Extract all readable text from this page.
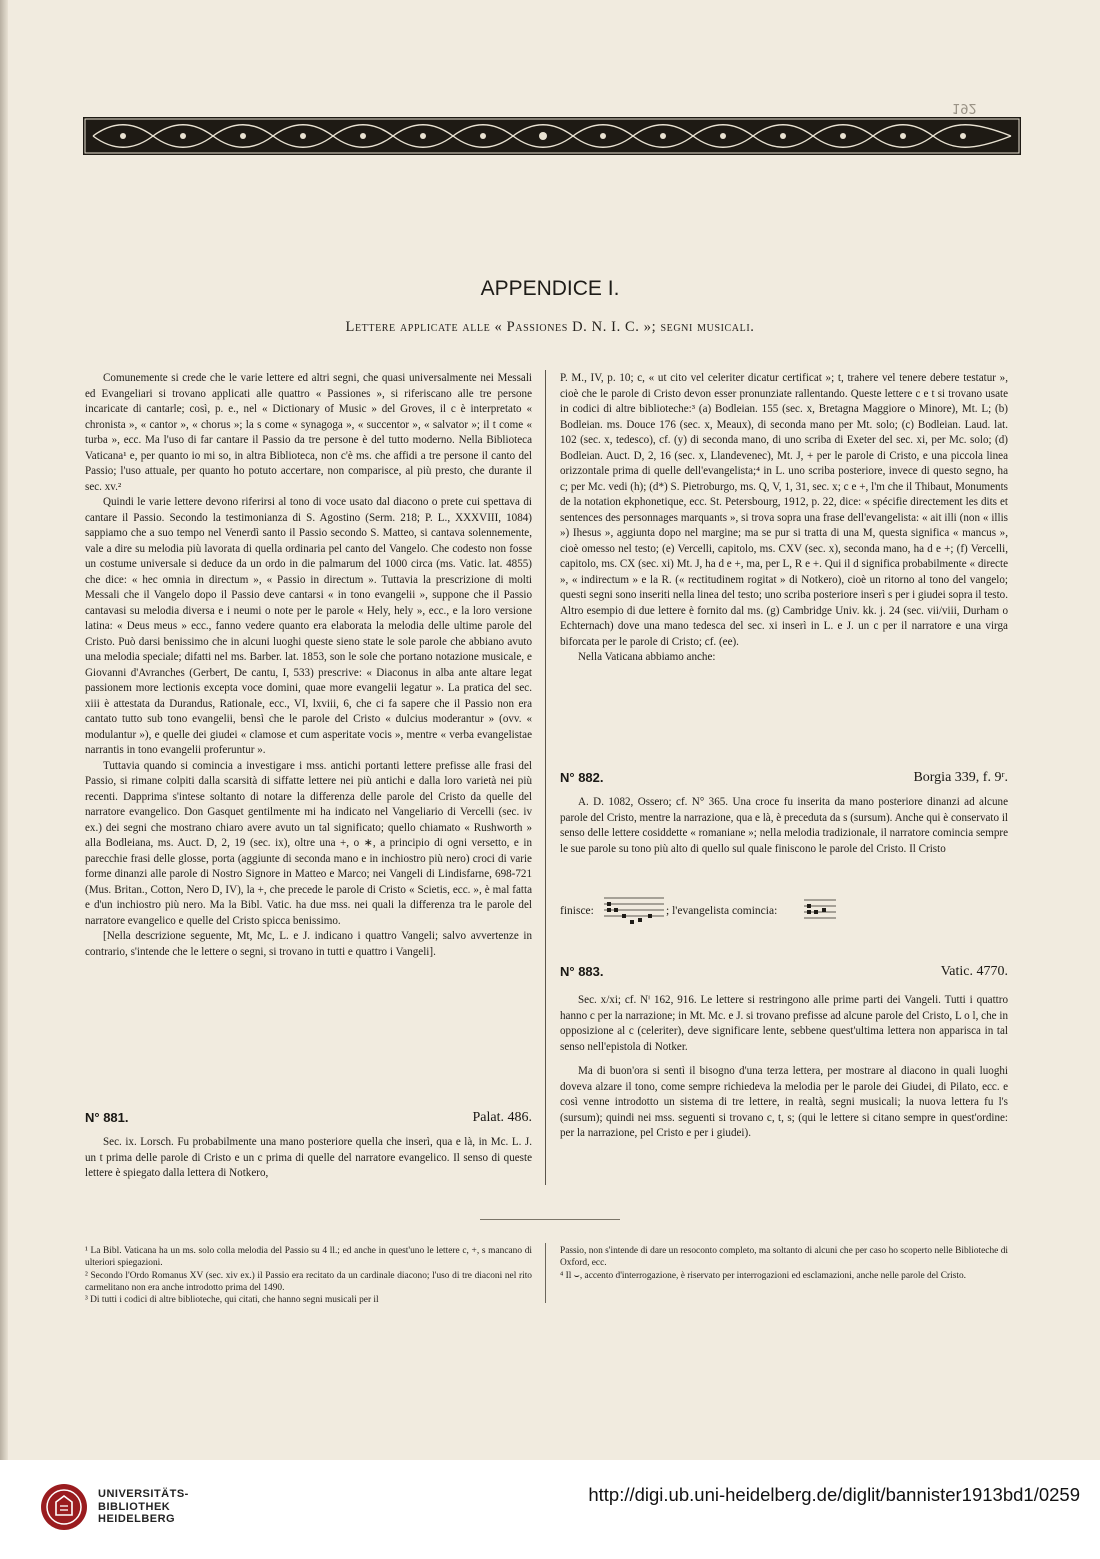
192
APPENDICE I.
Lettere applicate alle « Passiones D. N. I. C. »; segni musicali.

Comunemente si crede che le varie lettere ed altri segni, che quasi universalmente nei Messali ed Evangeliari si trovano applicati alle quattro « Passiones », si riferiscano alle tre persone incaricate di cantarle; così, p. e., nel « Dictionary of Music » del Groves, il c è interpretato « chronista », « cantor », « chorus »; la s come « synagoga », « succentor », « salvator »; il t come « turba », ecc. Ma l'uso di far cantare il Passio da tre persone è del tutto moderno. Nella Biblioteca Vaticana¹ e, per quanto io mi so, in altra Biblioteca, non c'è ms. che affidi a tre persone il canto del Passio; l'uso attuale, per quanto ho potuto accertare, non comparisce, al più presto, che durante il sec. xv.²

Quindi le varie lettere devono riferirsi al tono di voce usato dal diacono o prete cui spettava di cantare il Passio. Secondo la testimonianza di S. Agostino (Serm. 218; P. L., XXXVIII, 1084) sappiamo che a suo tempo nel Venerdì santo il Passio secondo S. Matteo, si cantava solennemente, vale a dire su melodia più lavorata di quella ordinaria pel canto del Vangelo. Che codesto non fosse un costume universale si deduce da un ordo in die palmarum del 1000 circa (ms. Vatic. lat. 4855) che dice: « hec omnia in directum », « Passio in directum ». Tuttavia la prescrizione di molti Messali che il Vangelo dopo il Passio deve cantarsi « in tono evangelii », suppone che il Passio cantavasi su melodia diversa e i neumi o note per le parole « Hely, hely », ecc., e la loro versione latina: « Deus meus » ecc., fanno vedere quanto era elaborata la melodia delle ultime parole del Cristo. Può darsi benissimo che in alcuni luoghi queste sieno state le sole parole che abbiano avuto una melodia speciale; difatti nel ms. Barber. lat. 1853, son le sole che portano notazione musicale, e Giovanni d'Avranches (Gerbert, De cantu, I, 533) prescrive: « Diaconus in alba ante altare legat passionem more lectionis excepta voce domini, quae more evangelii legatur ». La pratica del sec. xiii è attestata da Durandus, Rationale, ecc., VI, lxviii, 6, che ci fa sapere che il Passio non era cantato tutto sub tono evangelii, bensì che le parole del Cristo « dulcius moderantur » (ovv. « modulantur »), e quelle dei giudei « clamose et cum asperitate vocis », mentre « verba evangelistae narrantis in tono evangelii proferuntur ».

Tuttavia quando si comincia a investigare i mss. antichi portanti lettere prefisse alle frasi del Passio, si rimane colpiti dalla scarsità di siffatte lettere nei più antichi e dalla loro varietà nei più recenti. Dapprima s'intese soltanto di notare la differenza delle parole del Cristo da quelle del narratore evangelico. Don Gasquet gentilmente mi ha indicato nel Vangeliario di Vercelli (sec. iv ex.) dei segni che mostrano chiaro avere avuto un tal significato; quello chiamato « Rushworth » alla Bodleiana, ms. Auct. D, 2, 19 (sec. ix), oltre una +, o ∗, a principio di ogni versetto, e in parecchie frasi delle glosse, porta (aggiunte di seconda mano e in inchiostro più nero) croci di varie forme dinanzi alle parole di Nostro Signore in Matteo e Marco; nei Vangeli di Lindisfarne, 698-721 (Mus. Britan., Cotton, Nero D, IV), la +, che precede le parole di Cristo « Scietis, ecc. », è mal fatta e d'un inchiostro più nero. Ma la Bibl. Vatic. ha due mss. nei quali la differenza tra le parole del narratore evangelico e quelle del Cristo spicca benissimo.

[Nella descrizione seguente, Mt, Mc, L. e J. indicano i quattro Vangeli; salvo avvertenze in contrario, s'intende che le lettere o segni, si trovano in tutti e quattro i Vangeli].

N° 881.	Palat. 486.

Sec. ix. Lorsch. Fu probabilmente una mano posteriore quella che inserì, qua e là, in Mc. L. J. un t prima delle parole di Cristo e un c prima di quelle del narratore evangelico. Il senso di queste lettere è spiegato dalla lettera di Notkero,

P. M., IV, p. 10; c, « ut cito vel celeriter dicatur certificat »; t, trahere vel tenere debere testatur », cioè che le parole di Cristo devon esser pronunziate rallentando. Queste lettere c e t si trovano usate in codici di altre biblioteche:³ (a) Bodleian. 155 (sec. x, Bretagna Maggiore o Minore), Mt. L; (b) Bodleian. ms. Douce 176 (sec. x, Meaux), di seconda mano per Mt. solo; (c) Bodleian. Laud. lat. 102 (sec. x, tedesco), cf. (y) di seconda mano, di uno scriba di Exeter del sec. xi, per Mc. solo; (d) Bodleian. Auct. D, 2, 16 (sec. x, Llandevenec), Mt. J, + per le parole di Cristo, e una piccola linea orizzontale prima di quelle dell'evangelista;⁴ in L. uno scriba posteriore, invece di questo segno, ha c; per Mc. vedi (h); (d*) S. Pietroburgo, ms. Q, V, 1, 31, sec. x; c e +, l'm che il Thibaut, Monuments de la notation ekphonetique, ecc. St. Petersbourg, 1912, p. 22, dice: « spécifie directement les dits et sentences des personnages marquants », si trova sopra una frase dell'evangelista: « ait illi (non « illis ») Ihesus », aggiunta dopo nel margine; ma se pur si tratta di una M, questa significa « mancus », cioè omesso nel testo; (e) Vercelli, capitolo, ms. CXV (sec. x), seconda mano, ha d e +; (f) Vercelli, capitolo, ms. CX (sec. xi) Mt. J, ha d e +, ma, per L, R e +. Qui il d significa probabilmente « directe », « indirectum » e la R. (« rectitudinem rogitat » di Notkero), cioè un ritorno al tono del vangelo; questi segni sono inseriti nella linea del testo; uno scriba posteriore inserì s per i giudei sopra il testo. Altro esempio di due lettere è fornito dal ms. (g) Cambridge Univ. kk. j. 24 (sec. vii/viii, Durham o Echternach) dove una mano tedesca del sec. xi inserì in L. e J. un c per il narratore e una virga biforcata per le parole di Cristo; cf. (ee).

Nella Vaticana abbiamo anche:

N° 882.	Borgia 339, f. 9ʳ.

A. D. 1082, Ossero; cf. N° 365. Una croce fu inserita da mano posteriore dinanzi ad alcune parole del Cristo, mentre la narrazione, qua e là, è preceduta da s (sursum). Anche qui è conservato il senso delle lettere cosiddette « romaniane »; nella melodia tradizionale, il narratore comincia sempre le sue parole su tono più alto di quello sul quale finiscono le parole del Cristo. Il Cristo

finisce:	; l'evangelista comincia:
N° 883.	Vatic. 4770.

Sec. x/xi; cf. Nⁱ 162, 916. Le lettere si restringono alle prime parti dei Vangeli. Tutti i quattro hanno c per la narrazione; in Mt. Mc. e J. si trovano prefisse ad alcune parole del Cristo, L o l, che in opposizione al c (celeriter), deve significare lente, sebbene quest'ultima lettera non apparisca in tal senso nell'epistola di Notker.

Ma di buon'ora si sentì il bisogno d'una terza lettera, per mostrare al diacono in quali luoghi doveva alzare il tono, come sempre richiedeva la melodia per le parole dei Giudei, di Pilato, ecc. e così venne introdotto un sistema di tre lettere, in realtà, segni musicali; la nuova lettera fu l's (sursum); quindi nei mss. seguenti si trovano c, t, s; (qui le lettere si citano sempre in quest'ordine: per la narrazione, pel Cristo e per i giudei).

¹ La Bibl. Vaticana ha un ms. solo colla melodia del Passio su 4 ll.; ed anche in quest'uno le lettere c, +, s mancano di ulteriori spiegazioni.
² Secondo l'Ordo Romanus XV (sec. xiv ex.) il Passio era recitato da un cardinale diacono; l'uso di tre diaconi nel rito carmelitano non era anche introdotto prima del 1490.
³ Di tutti i codici di altre biblioteche, qui citati, che hanno segni musicali per il
Passio, non s'intende di dare un resoconto completo, ma soltanto di alcuni che per caso ho scoperto nelle Biblioteche di Oxford, ecc.
⁴ Il ⌣, accento d'interrogazione, è riservato per interrogazioni ed esclamazioni, anche nelle parole del Cristo.
UNIVERSITÄTS-
BIBLIOTHEK
HEIDELBERG
http://digi.ub.uni-heidelberg.de/diglit/bannister1913bd1/0259
